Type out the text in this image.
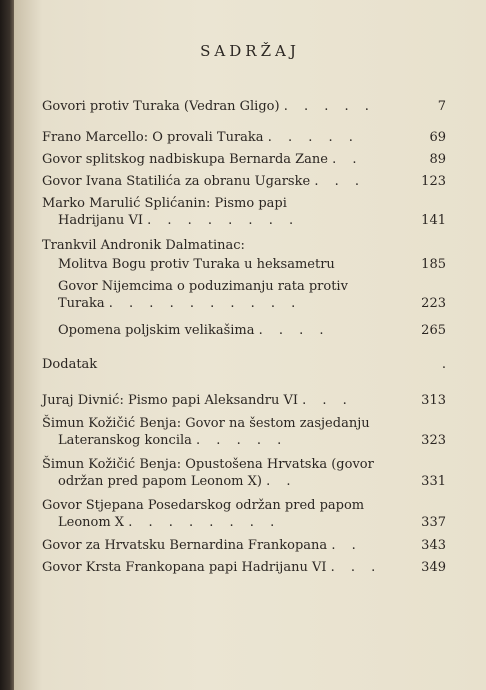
SADRŽAJ
Govori protiv Turaka (Vedran Gligo) . . . . .	7
Frano Marcello: O provali Turaka . . . . .	69
Govor splitskog nadbiskupa Bernarda Zane . .	89
Govor Ivana Statilića za obranu Ugarske . . .	123
Marko Marulić Splićanin: Pismo papi
Hadrijanu VI . . . . . . . .	141
Trankvil Andronik Dalmatinac:
Molitva Bogu protiv Turaka u heksametru	185
Govor Nijemcima o poduzimanju rata protiv
Turaka . . . . . . . . . .	223
Opomena poljskim velikašima . . . .	265
Dodatak	.
Juraj Divnić: Pismo papi Aleksandru VI . . .	313
Šimun Kožičić Benja: Govor na šestom zasjedanju
Lateranskog koncila . . . . .	323
Šimun Kožičić Benja: Opustošena Hrvatska (govor
održan pred papom Leonom X) . .	331
Govor Stjepana Posedarskog održan pred papom
Leonom X . . . . . . . .	337
Govor za Hrvatsku Bernardina Frankopana . .	343
Govor Krsta Frankopana papi Hadrijanu VI . . .	349
